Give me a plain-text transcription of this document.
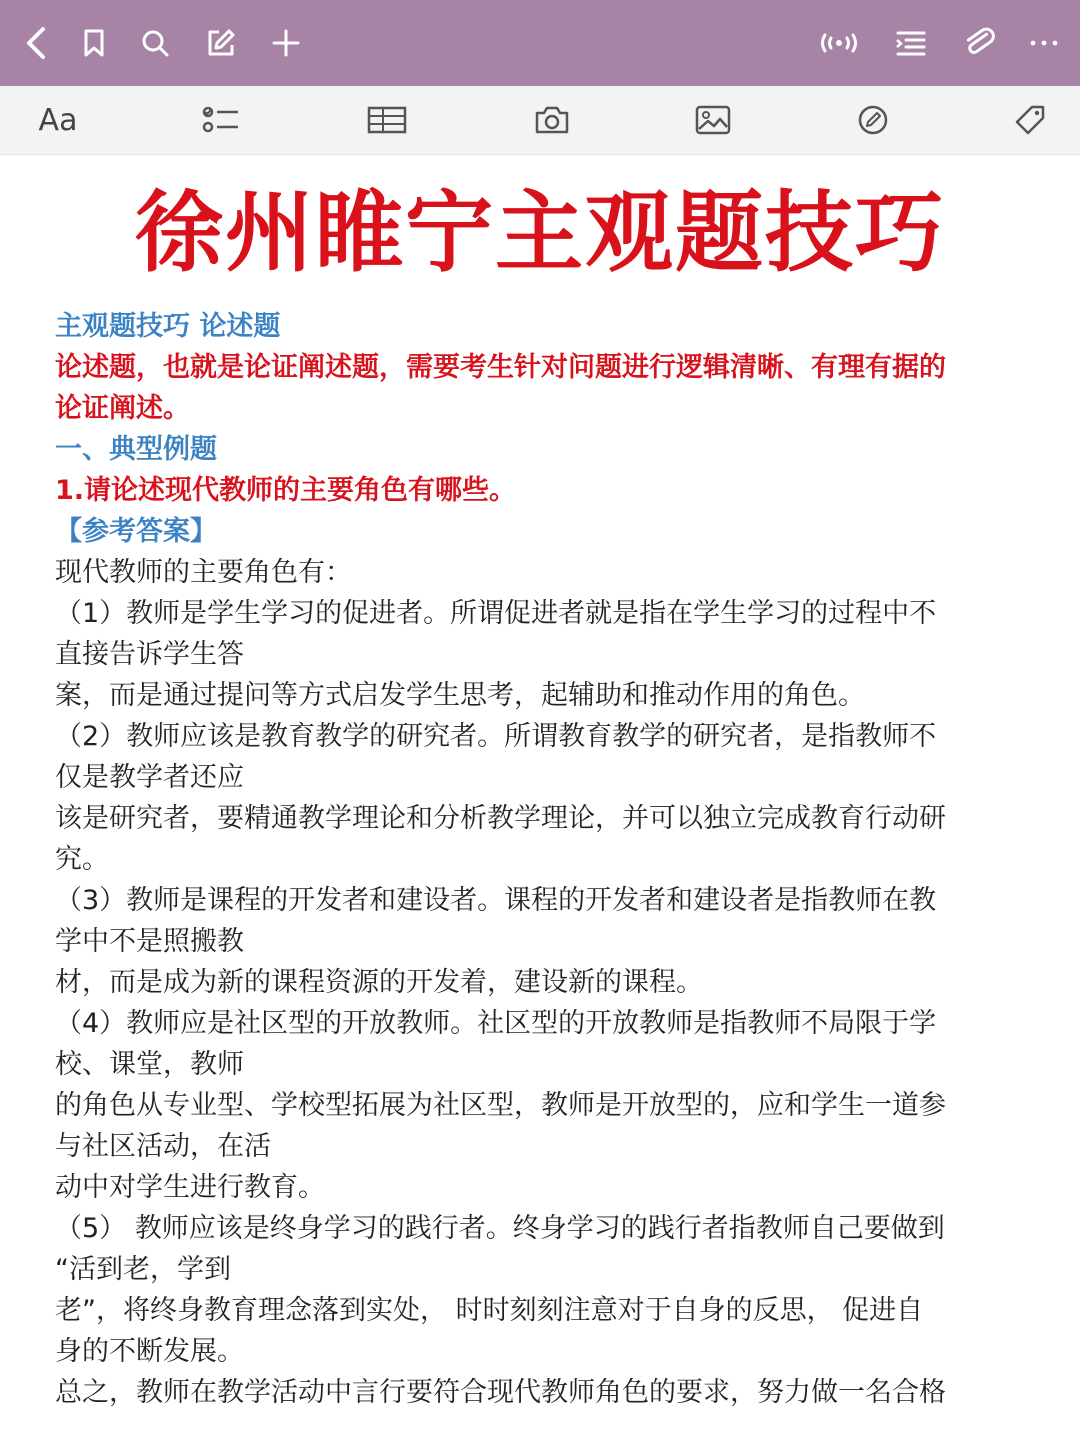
Aa
徐州睢宁主观题技巧
主观题技巧 论述题
论述题，也就是论证阐述题，需要考生针对问题进行逻辑清晰、有理有据的
论证阐述。
一、典型例题
1.请论述现代教师的主要角色有哪些。
【参考答案】
现代教师的主要角色有：
（1）教师是学生学习的促进者。所谓促进者就是指在学生学习的过程中不
直接告诉学生答
案，而是通过提问等方式启发学生思考，起辅助和推动作用的角色。
（2）教师应该是教育教学的研究者。所谓教育教学的研究者，是指教师不
仅是教学者还应
该是研究者，要精通教学理论和分析教学理论，并可以独立完成教育行动研
究。
（3）教师是课程的开发者和建设者。课程的开发者和建设者是指教师在教
学中不是照搬教
材，而是成为新的课程资源的开发着，建设新的课程。
（4）教师应是社区型的开放教师。社区型的开放教师是指教师不局限于学
校、课堂，教师
的角色从专业型、学校型拓展为社区型，教师是开放型的，应和学生一道参
与社区活动，在活
动中对学生进行教育。
（5） 教师应该是终身学习的践行者。终身学习的践行者指教师自己要做到
“活到老，学到
老”，将终身教育理念落到实处， 时时刻刻注意对于自身的反思， 促进自
身的不断发展。
总之，教师在教学活动中言行要符合现代教师角色的要求，努力做一名合格
